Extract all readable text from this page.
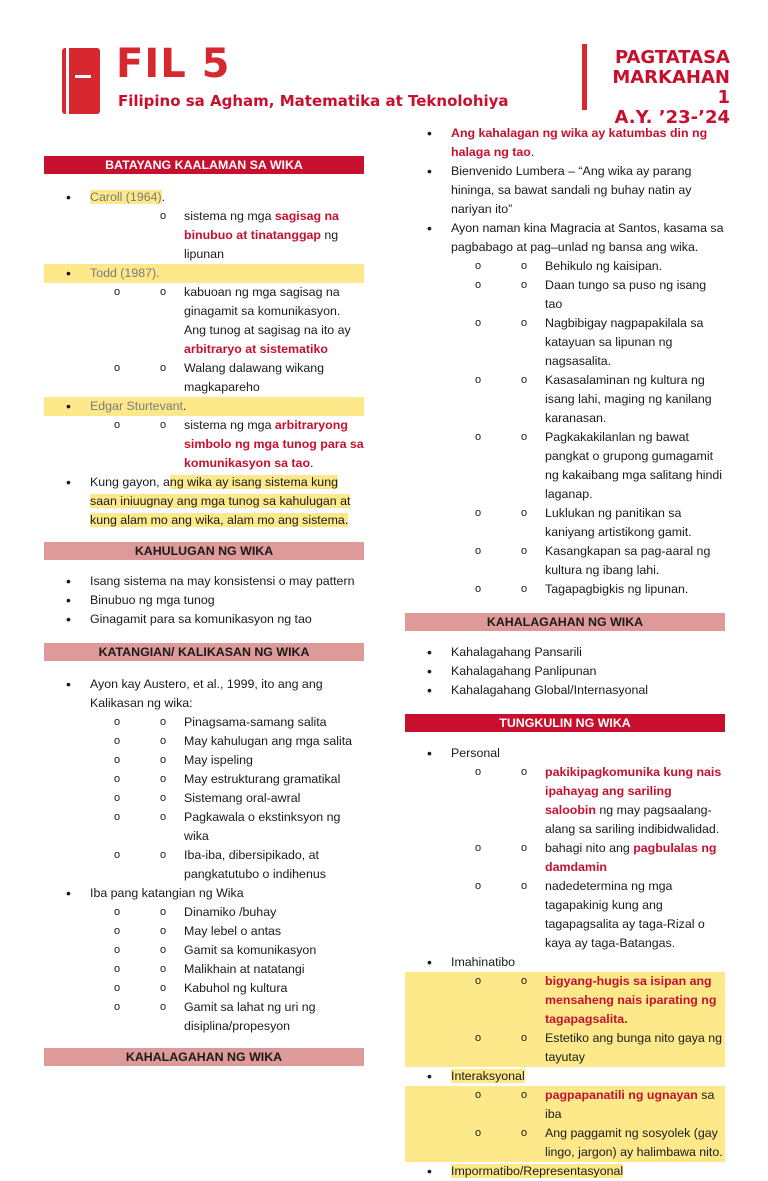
FIL 5
Filipino sa Agham, Matematika at Teknolohiya
PAGTATASA
MARKAHAN 1
A.Y. ’23-’24
BATAYANG KAALAMAN SA WIKA
• Caroll (1964).
o sistema ng mga sagisag na binubuo at tinatanggap ng lipunan
• Todd (1987).
o o kabuoan ng mga sagisag na ginagamit sa komunikasyon. Ang tunog at sagisag na ito ay arbitraryo at sistematiko
o o Walang dalawang wikang magkapareho
• Edgar Sturtevant.
o o sistema ng mga arbitraryong simbolo ng mga tunog para sa komunikasyon sa tao.
• Kung gayon, ang wika ay isang sistema kung saan iniuugnay ang mga tunog sa kahulugan at kung alam mo ang wika, alam mo ang sistema.
KAHULUGAN NG WIKA
• Isang sistema na may konsistensi o may pattern
• Binubuo ng mga tunog
• Ginagamit para sa komunikasyon ng tao
KATANGIAN/ KALIKASAN NG WIKA
• Ayon kay Austero, et al., 1999, ito ang ang Kalikasan ng wika:
o o Pinagsama-samang salita
o o May kahulugan ang mga salita
o o May ispeling
o o May estrukturang gramatikal
o o Sistemang oral-awral
o o Pagkawala o ekstinksyon ng wika
o o Iba-iba, dibersipikado, at pangkatutubo o indihenus
• Iba pang katangian ng Wika
o o Dinamiko /buhay
o o May lebel o antas
o o Gamit sa komunikasyon
o o Malikhain at natatangi
o o Kabuhol ng kultura
o o Gamit sa lahat ng uri ng disiplina/propesyon
KAHALAGAHAN NG WIKA
• Ang kahalagan ng wika ay katumbas din ng halaga ng tao.
• Bienvenido Lumbera – “Ang wika ay parang hininga, sa bawat sandali ng buhay natin ay nariyan ito”
• Ayon naman kina Magracia at Santos, kasama sa pagbabago at pag–unlad ng bansa ang wika.
o o Behikulo ng kaisipan.
o o Daan tungo sa puso ng isang tao
o o Nagbibigay nagpapakilala sa katayuan sa lipunan ng nagsasalita.
o o Kasasalaminan ng kultura ng isang lahi, maging ng kanilang karanasan.
o o Pagkakakilanlan ng bawat pangkat o grupong gumagamit ng kakaibang mga salitang hindi laganap.
o o Luklukan ng panitikan sa kaniyang artistikong gamit.
o o Kasangkapan sa pag-aaral ng kultura ng ibang lahi.
o o Tagapagbigkis ng lipunan.
KAHALAGAHAN NG WIKA
• Kahalagahang Pansarili
• Kahalagahang Panlipunan
• Kahalagahang Global/Internasyonal
TUNGKULIN NG WIKA
• Personal
o o pakikipagkomunika kung nais ipahayag ang sariling saloobin ng may pagsaalang-alang sa sariling indibidwalidad.
o o bahagi nito ang pagbulalas ng damdamin
o o nadedetermina ng mga tagapakinig kung ang tagapagsalita ay taga-Rizal o kaya ay taga-Batangas.
• Imahinatibo
o o bigyang-hugis sa isipan ang mensaheng nais iparating ng tagapagsalita.
o o Estetiko ang bunga nito gaya ng tayutay
• Interaksyonal
o o pagpapanatili ng ugnayan sa iba
o o Ang paggamit ng sosyolek (gay lingo, jargon) ay halimbawa nito.
• Impormatibo/Representasyonal
